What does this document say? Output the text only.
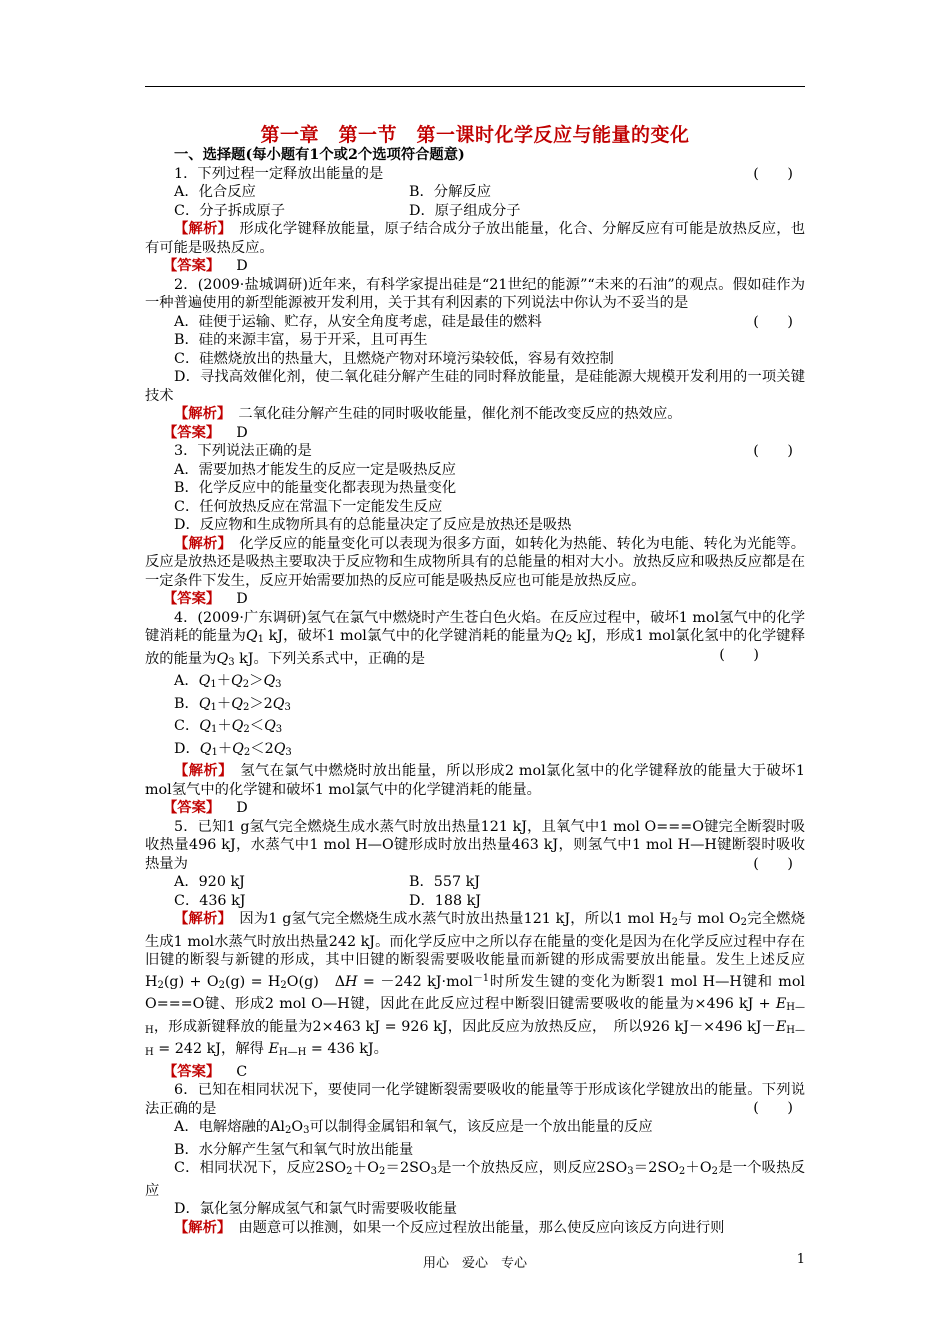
第一章　第一节　第一课时化学反应与能量的变化

一、选择题(每小题有1个或2个选项符合题意)

1．下列过程一定释放出能量的是	(　　)

A．化合反应	B．分解反应
C．分子拆成原子	D．原子组成分子

【解析】　 形成化学键释放能量，原子结合成分子放出能量，化合、分解反应有可能是放热反应，也有可能是吸热反应。

【答案】 D

2．(2009·盐城调研)近年来，有科学家提出硅是“21世纪的能源”“未来的石油”的观点。假如硅作为一种普遍使用的新型能源被开发利用，关于其有利因素的下列说法中你认为不妥当的是
(　　)

A．硅便于运输、贮存，从安全角度考虑，硅是最佳的燃料

B．硅的来源丰富，易于开采，且可再生

C．硅燃烧放出的热量大，且燃烧产物对环境污染较低，容易有效控制

D．寻找高效催化剂，使二氧化硅分解产生硅的同时释放能量，是硅能源大规模开发利用的一项关键技术

【解析】　 二氧化硅分解产生硅的同时吸收能量，催化剂不能改变反应的热效应。

【答案】 D

3．下列说法正确的是	(　　)

A．需要加热才能发生的反应一定是吸热反应

B．化学反应中的能量变化都表现为热量变化

C．任何放热反应在常温下一定能发生反应

D．反应物和生成物所具有的总能量决定了反应是放热还是吸热

【解析】　 化学反应的能量变化可以表现为很多方面，如转化为热能、转化为电能、转化为光能等。反应是放热还是吸热主要取决于反应物和生成物所具有的总能量的相对大小。放热反应和吸热反应都是在一定条件下发生，反应开始需要加热的反应可能是吸热反应也可能是放热反应。

【答案】 D

4．(2009·广东调研)氢气在氯气中燃烧时产生苍白色火焰。在反应过程中，破坏1 mol氢气中的化学键消耗的能量为$Q_1$ kJ，破坏1 mol氯气中的化学键消耗的能量为$Q_2$ kJ，形成1 mol氯化氢中的化学键释放的能量为$Q_3$ kJ。下列关系式中，正确的是	(　　)

A．$Q_1+Q_2>Q_3$

B．$Q_1+Q_2>2Q_3$

C．$Q_1+Q_2<Q_3$

D．$Q_1+Q_2<2Q_3$

【解析】　 氢气在氯气中燃烧时放出能量，所以形成2 mol氯化氢中的化学键释放的能量大于破坏1 mol氢气中的化学键和破坏1 mol氯气中的化学键消耗的能量。

【答案】 D

5．已知1 g氢气完全燃烧生成水蒸气时放出热量121 kJ，且氧气中1 mol O===O键完全断裂时吸收热量496 kJ，水蒸气中1 mol H—O键形成时放出热量463 kJ，则氢气中1 mol H—H键断裂时吸收热量为	(　　)

A．920 kJ	B．557 kJ
C．436 kJ	D．188 kJ

【解析】　 因为1 g氢气完全燃烧生成水蒸气时放出热量121 kJ，所以1 mol $H_2$与 mol $O_2$完全燃烧生成1 mol水蒸气时放出热量242 kJ。而化学反应中之所以存在能量的变化是因为在化学反应过程中存在旧键的断裂与新键的形成，其中旧键的断裂需要吸收能量而新键的形成需要放出能量。发生上述反应 $H_2(g) + O_2(g) = H_2O(g)$　ΔH = －242 kJ·mol$^{-1}$时所发生键的变化为断裂1 mol H—H键和 mol O===O键、形成2 mol O—H键，因此在此反应过程中断裂旧键需要吸收的能量为×496 kJ + $E_{H—H}$，形成新键释放的能量为2×463 kJ = 926 kJ，因此反应为放热反应，　所以926 kJ－×496 $kJ-E_{H—H} = 242$ kJ，解得 $E_{H—H} = 436$ kJ。

【答案】 C

6．已知在相同状况下，要使同一化学键断裂需要吸收的能量等于形成该化学键放出的能量。下列说法正确的是	(　　)

A．电解熔融的$Al_2O_3$可以制得金属铝和氧气，该反应是一个放出能量的反应

B．水分解产生氢气和氧气时放出能量

C．相同状况下，反应$2SO_2+O_2=2SO_3$是一个放热反应，则反应$2SO_3=2SO_2+O_2$是一个吸热反应

D．氯化氢分解成氢气和氯气时需要吸收能量

【解析】　 由题意可以推测，如果一个反应过程放出能量，那么使反应向该反方向进行则

用心　爱心　专心	1
